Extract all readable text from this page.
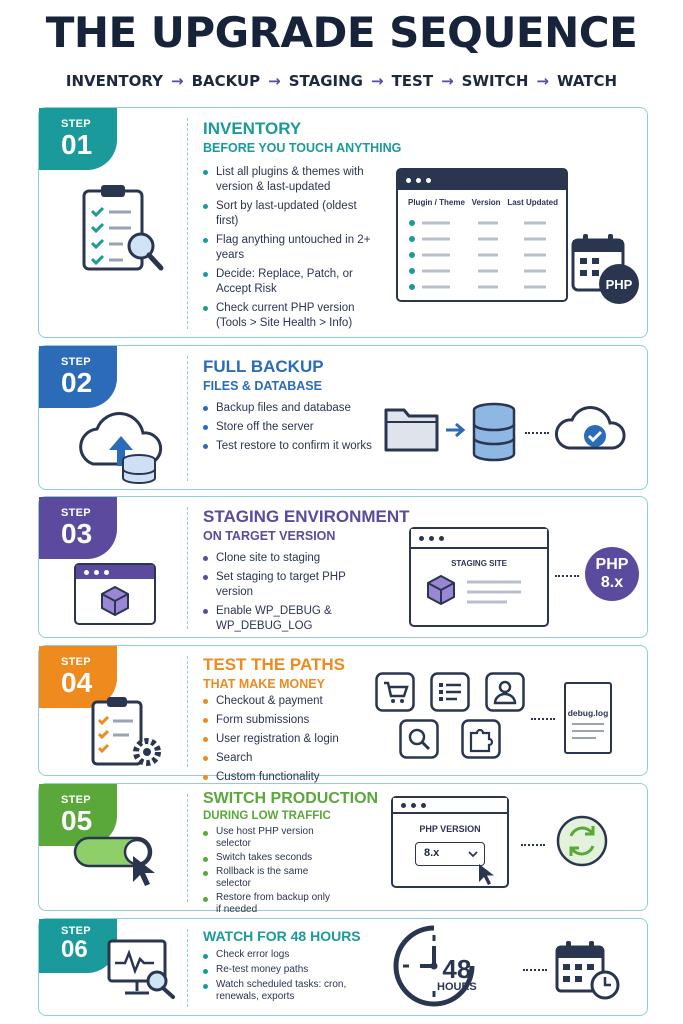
THE UPGRADE SEQUENCE
INVENTORY → BACKUP → STAGING → TEST → SWITCH → WATCH
STEP
01
INVENTORY
BEFORE YOU TOUCH ANYTHING
List all plugins & themes with version & last-updated
Sort by last-updated (oldest first)
Flag anything untouched in 2+ years
Decide: Replace, Patch, or Accept Risk
Check current PHP version (Tools > Site Health > Info)
Plugin / Theme Version Last Updated
PHP
STEP
02
FULL BACKUP
FILES & DATABASE
Backup files and database
Store off the server
Test restore to confirm it works
STEP
03
STAGING ENVIRONMENT
ON TARGET VERSION
Clone site to staging
Set staging to target PHP version
Enable WP_DEBUG & WP_DEBUG_LOG
STAGING SITE	PHP
8.x
STEP
04
TEST THE PATHS
THAT MAKE MONEY
Checkout & payment
Form submissions
User registration & login
Search
Custom functionality
debug.log
STEP
05
SWITCH PRODUCTION
DURING LOW TRAFFIC
Use host PHP version selector
Switch takes seconds
Rollback is the same selector
Restore from backup only if needed
PHP VERSION
8.x
STEP
06	WATCH FOR 48 HOURS
Check error logs
Re-test money paths
Watch scheduled tasks: cron, renewals, exports
48
HOURS
